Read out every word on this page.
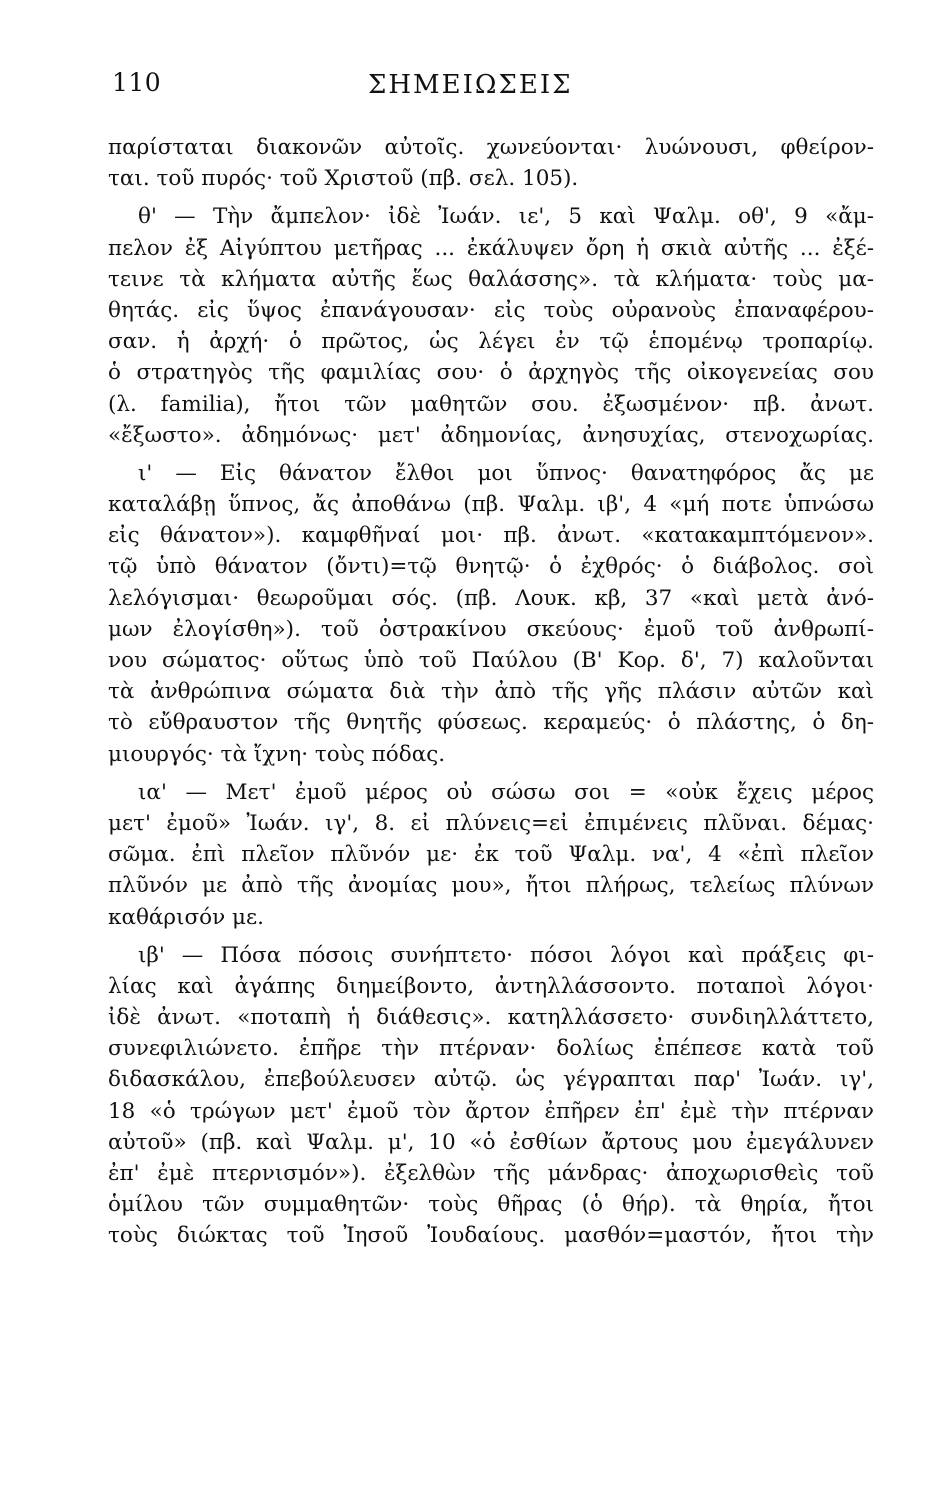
110	ΣΗΜΕΙΩΣΕΙΣ
παρίσταται διακονῶν αὐτοῖς. χωνεύονται· λυώνουσι, φθείρον-
ται. τοῦ πυρός· τοῦ Χριστοῦ (πβ. σελ. 105).
θ' — Τὴν ἄμπελον· ἰδὲ Ἰωάν. ιε', 5 καὶ Ψαλμ. οθ', 9 «ἄμ-
πελον ἐξ Αἰγύπτου μετῆρας ... ἐκάλυψεν ὄρη ἡ σκιὰ αὐτῆς ... ἐξέ-
τεινε τὰ κλήματα αὐτῆς ἕως θαλάσσης». τὰ κλήματα· τοὺς μα-
θητάς. εἰς ὕψος ἐπανάγουσαν· εἰς τοὺς οὐρανοὺς ἐπαναφέρου-
σαν. ἡ ἀρχή· ὁ πρῶτος, ὡς λέγει ἐν τῷ ἑπομένῳ τροπαρίῳ.
ὁ στρατηγὸς τῆς φαμιλίας σου· ὁ ἀρχηγὸς τῆς οἰκογενείας σου
(λ. familia), ἤτοι τῶν μαθητῶν σου. ἐξωσμένον· πβ. ἀνωτ.
«ἔξωστο». ἀδημόνως· μετ' ἀδημονίας, ἀνησυχίας, στενοχωρίας.
ι' — Εἰς θάνατον ἔλθοι μοι ὕπνος· θανατηφόρος ἄς με
καταλάβῃ ὕπνος, ἄς ἀποθάνω (πβ. Ψαλμ. ιβ', 4 «μή ποτε ὑπνώσω
εἰς θάνατον»). καμφθῆναί μοι· πβ. ἀνωτ. «κατακαμπτόμενον».
τῷ ὑπὸ θάνατον (ὄντι)=τῷ θνητῷ· ὁ ἐχθρός· ὁ διάβολος. σοὶ
λελόγισμαι· θεωροῦμαι σός. (πβ. Λουκ. κβ, 37 «καὶ μετὰ ἀνό-
μων ἐλογίσθη»). τοῦ ὀστρακίνου σκεύους· ἐμοῦ τοῦ ἀνθρωπί-
νου σώματος· οὕτως ὑπὸ τοῦ Παύλου (Β' Κορ. δ', 7) καλοῦνται
τὰ ἀνθρώπινα σώματα διὰ τὴν ἀπὸ τῆς γῆς πλάσιν αὐτῶν καὶ
τὸ εὔθραυστον τῆς θνητῆς φύσεως. κεραμεύς· ὁ πλάστης, ὁ δη-
μιουργός· τὰ ἴχνη· τοὺς πόδας.
ια' — Μετ' ἐμοῦ μέρος οὐ σώσω σοι = «οὐκ ἔχεις μέρος
μετ' ἐμοῦ» Ἰωάν. ιγ', 8. εἰ πλύνεις=εἰ ἐπιμένεις πλῦναι. δέμας·
σῶμα. ἐπὶ πλεῖον πλῦνόν με· ἐκ τοῦ Ψαλμ. να', 4 «ἐπὶ πλεῖον
πλῦνόν με ἀπὸ τῆς ἀνομίας μου», ἤτοι πλήρως, τελείως πλύνων
καθάρισόν με.
ιβ' — Πόσα πόσοις συνήπτετο· πόσοι λόγοι καὶ πράξεις φι-
λίας καὶ ἀγάπης διημείβοντο, ἀντηλλάσσοντο. ποταποὶ λόγοι·
ἰδὲ ἀνωτ. «ποταπὴ ἡ διάθεσις». κατηλλάσσετο· συνδιηλλάττετο,
συνεφιλιώνετο. ἐπῆρε τὴν πτέρναν· δολίως ἐπέπεσε κατὰ τοῦ
διδασκάλου, ἐπεβούλευσεν αὐτῷ. ὡς γέγραπται παρ' Ἰωάν. ιγ',
18 «ὁ τρώγων μετ' ἐμοῦ τὸν ἄρτον ἐπῆρεν ἐπ' ἐμὲ τὴν πτέρναν
αὐτοῦ» (πβ. καὶ Ψαλμ. μ', 10 «ὁ ἐσθίων ἄρτους μου ἐμεγάλυνεν
ἐπ' ἐμὲ πτερνισμόν»). ἐξελθὼν τῆς μάνδρας· ἀποχωρισθεὶς τοῦ
ὁμίλου τῶν συμμαθητῶν· τοὺς θῆρας (ὁ θήρ). τὰ θηρία, ἤτοι
τοὺς διώκτας τοῦ Ἰησοῦ Ἰουδαίους. μασθόν=μαστόν, ἤτοι τὴν
